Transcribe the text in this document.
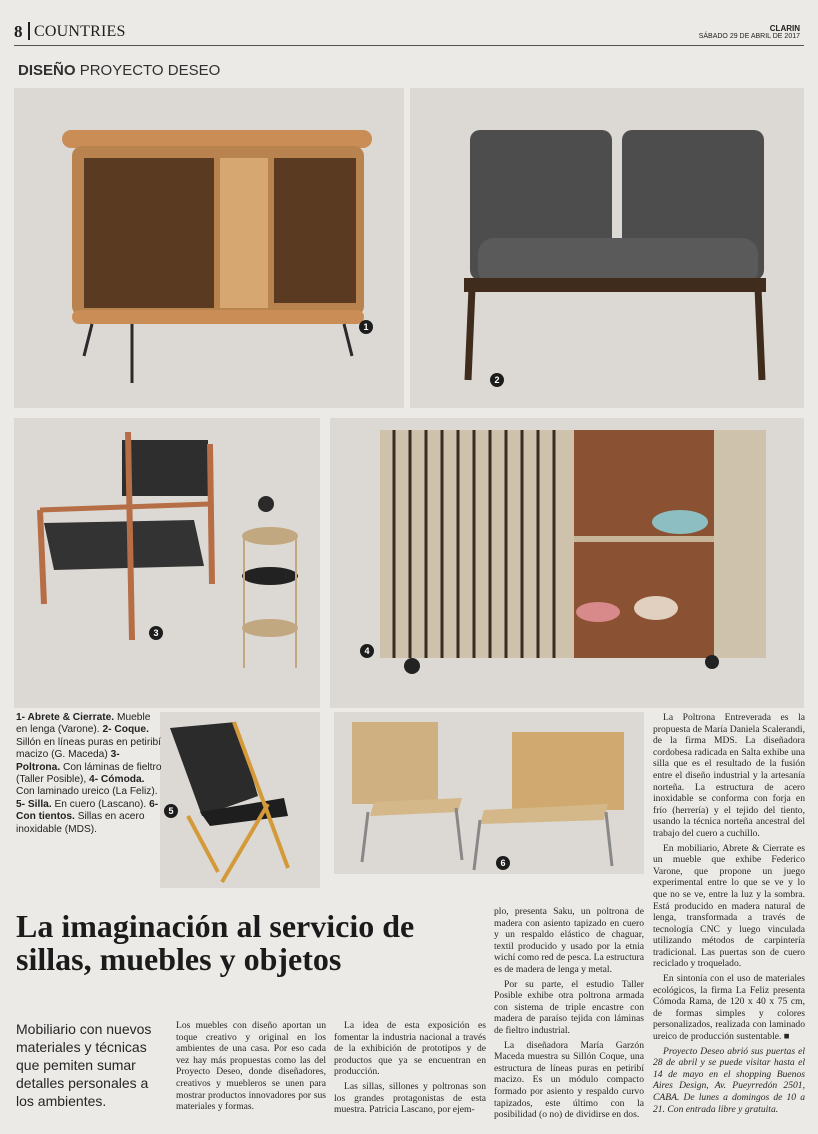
8 COUNTRIES	CLARIN
SÁBADO 29 DE ABRIL DE 2017
DISEÑO PROYECTO DESEO
1
2
3
4
5
6

1- Abrete & Cierrate. Mueble en lenga (Varone). 2- Coque. Sillón en líneas puras en petiribí macizo (G. Maceda) 3- Poltrona. Con láminas de fieltro (Taller Posible), 4- Cómoda. Con laminado ureico (La Feliz). 5- Silla. En cuero (Lascano). 6- Con tientos. Sillas en acero inoxidable (MDS).

La imaginación al servicio de sillas, muebles y objetos
Mobiliario con nuevos materiales y técnicas que pemiten sumar detalles personales a los ambientes.

Los muebles con diseño aportan un toque creativo y original en los ambientes de una casa. Por eso cada vez hay más propuestas como las del Proyecto Deseo, donde diseñadores, creativos y muebleros se unen para mostrar productos innovadores por sus materiales y formas.

La idea de esta exposición es fomentar la industria nacional a través de la exhibición de prototipos y de productos que ya se encuentran en producción.

Las sillas, sillones y poltronas son los grandes protagonistas de esta muestra. Patricia Lascano, por ejem-

plo, presenta Saku, un poltrona de madera con asiento tapizado en cuero y un respaldo elástico de chaguar, textil producido y usado por la etnia wichí como red de pesca. La estructura es de madera de lenga y metal.

Por su parte, el estudio Taller Posible exhibe otra poltrona armada con sistema de triple encastre con madera de paraíso tejida con láminas de fieltro industrial.

La diseñadora María Garzón Maceda muestra su Sillón Coque, una estructura de líneas puras en petiribí macizo. Es un módulo compacto formado por asiento y respaldo curvo tapizados, este último con la posibilidad (o no) de dividirse en dos.

La Poltrona Entreverada es la propuesta de María Daniela Scalerandi, de la firma MDS. La diseñadora cordobesa radicada en Salta exhibe una silla que es el resultado de la fusión entre el diseño industrial y la artesanía norteña. La estructura de acero inoxidable se conforma con forja en frío (herrería) y el tejido del tiento, usando la técnica norteña ancestral del trabajo del cuero a cuchillo.

En mobiliario, Abrete & Cierrate es un mueble que exhibe Federico Varone, que propone un juego experimental entre lo que se ve y lo que no se ve, entre la luz y la sombra. Está producido en madera natural de lenga, transformada a través de tecnología CNC y luego vinculada utilizando métodos de carpintería tradicional. Las puertas son de cuero reciclado y troquelado.

En sintonía con el uso de materiales ecológicos, la firma La Feliz presenta Cómoda Rama, de 120 x 40 x 75 cm, de formas simples y colores personalizados, realizada con laminado ureico de producción sustentable. ■

Proyecto Deseo abrió sus puertas el 28 de abril y se puede visitar hasta el 14 de mayo en el shopping Buenos Aires Design, Av. Pueyrredón 2501, CABA. De lunes a domingos de 10 a 21. Con entrada libre y gratuita.
